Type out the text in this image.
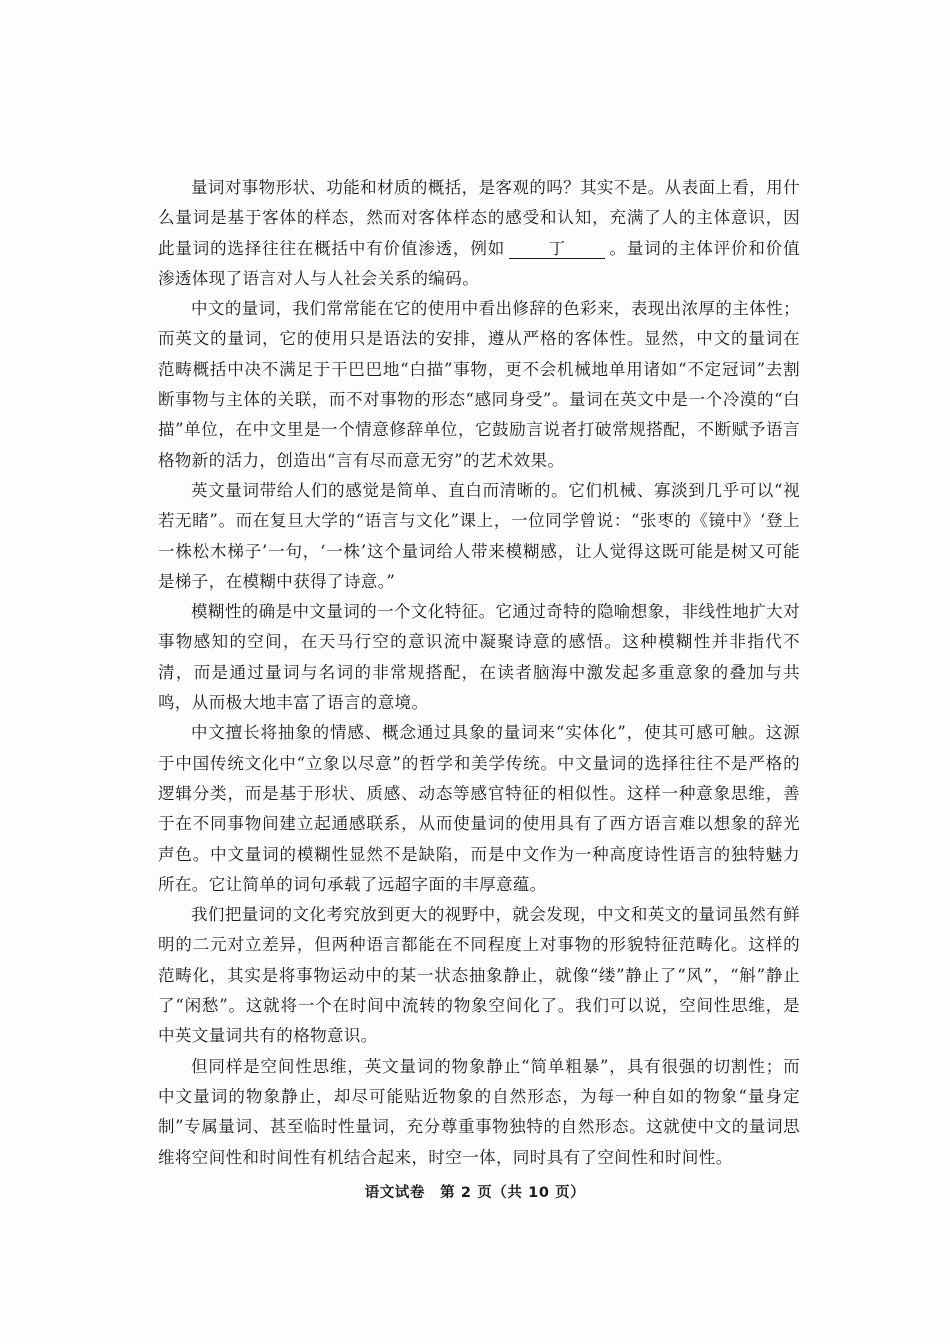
量词对事物形状、功能和材质的概括，是客观的吗？其实不是。从表面上看，用什么量词是基于客体的样态，然而对客体样态的感受和认知，充满了人的主体意识，因此量词的选择往往在概括中有价值渗透，例如	丁	。量词的主体评价和价值渗透体现了语言对人与人社会关系的编码。

中文的量词，我们常常能在它的使用中看出修辞的色彩来，表现出浓厚的主体性；而英文的量词，它的使用只是语法的安排，遵从严格的客体性。显然，中文的量词在范畴概括中决不满足于干巴巴地“白描”事物，更不会机械地单用诸如“不定冠词”去割断事物与主体的关联，而不对事物的形态“感同身受”。量词在英文中是一个冷漠的“白描”单位，在中文里是一个情意修辞单位，它鼓励言说者打破常规搭配，不断赋予语言格物新的活力，创造出“言有尽而意无穷”的艺术效果。

英文量词带给人们的感觉是简单、直白而清晰的。它们机械、寡淡到几乎可以“视若无睹”。而在复旦大学的“语言与文化”课上，一位同学曾说：“张枣的《镜中》‘登上一株松木梯子’一句，‘一株’这个量词给人带来模糊感，让人觉得这既可能是树又可能是梯子，在模糊中获得了诗意。”

模糊性的确是中文量词的一个文化特征。它通过奇特的隐喻想象，非线性地扩大对事物感知的空间，在天马行空的意识流中凝聚诗意的感悟。这种模糊性并非指代不清，而是通过量词与名词的非常规搭配，在读者脑海中激发起多重意象的叠加与共鸣，从而极大地丰富了语言的意境。

中文擅长将抽象的情感、概念通过具象的量词来“实体化”，使其可感可触。这源于中国传统文化中“立象以尽意”的哲学和美学传统。中文量词的选择往往不是严格的逻辑分类，而是基于形状、质感、动态等感官特征的相似性。这样一种意象思维，善于在不同事物间建立起通感联系，从而使量词的使用具有了西方语言难以想象的辞光声色。中文量词的模糊性显然不是缺陷，而是中文作为一种高度诗性语言的独特魅力所在。它让简单的词句承载了远超字面的丰厚意蕴。

我们把量词的文化考究放到更大的视野中，就会发现，中文和英文的量词虽然有鲜明的二元对立差异，但两种语言都能在不同程度上对事物的形貌特征范畴化。这样的范畴化，其实是将事物运动中的某一状态抽象静止，就像“缕”静止了“风”，“斛”静止了“闲愁”。这就将一个在时间中流转的物象空间化了。我们可以说，空间性思维，是中英文量词共有的格物意识。

但同样是空间性思维，英文量词的物象静止“简单粗暴”，具有很强的切割性；而中文量词的物象静止，却尽可能贴近物象的自然形态，为每一种自如的物象“量身定制”专属量词、甚至临时性量词，充分尊重事物独特的自然形态。这就使中文的量词思维将空间性和时间性有机结合起来，时空一体，同时具有了空间性和时间性。

语文试卷　第 2 页（共 10 页）
